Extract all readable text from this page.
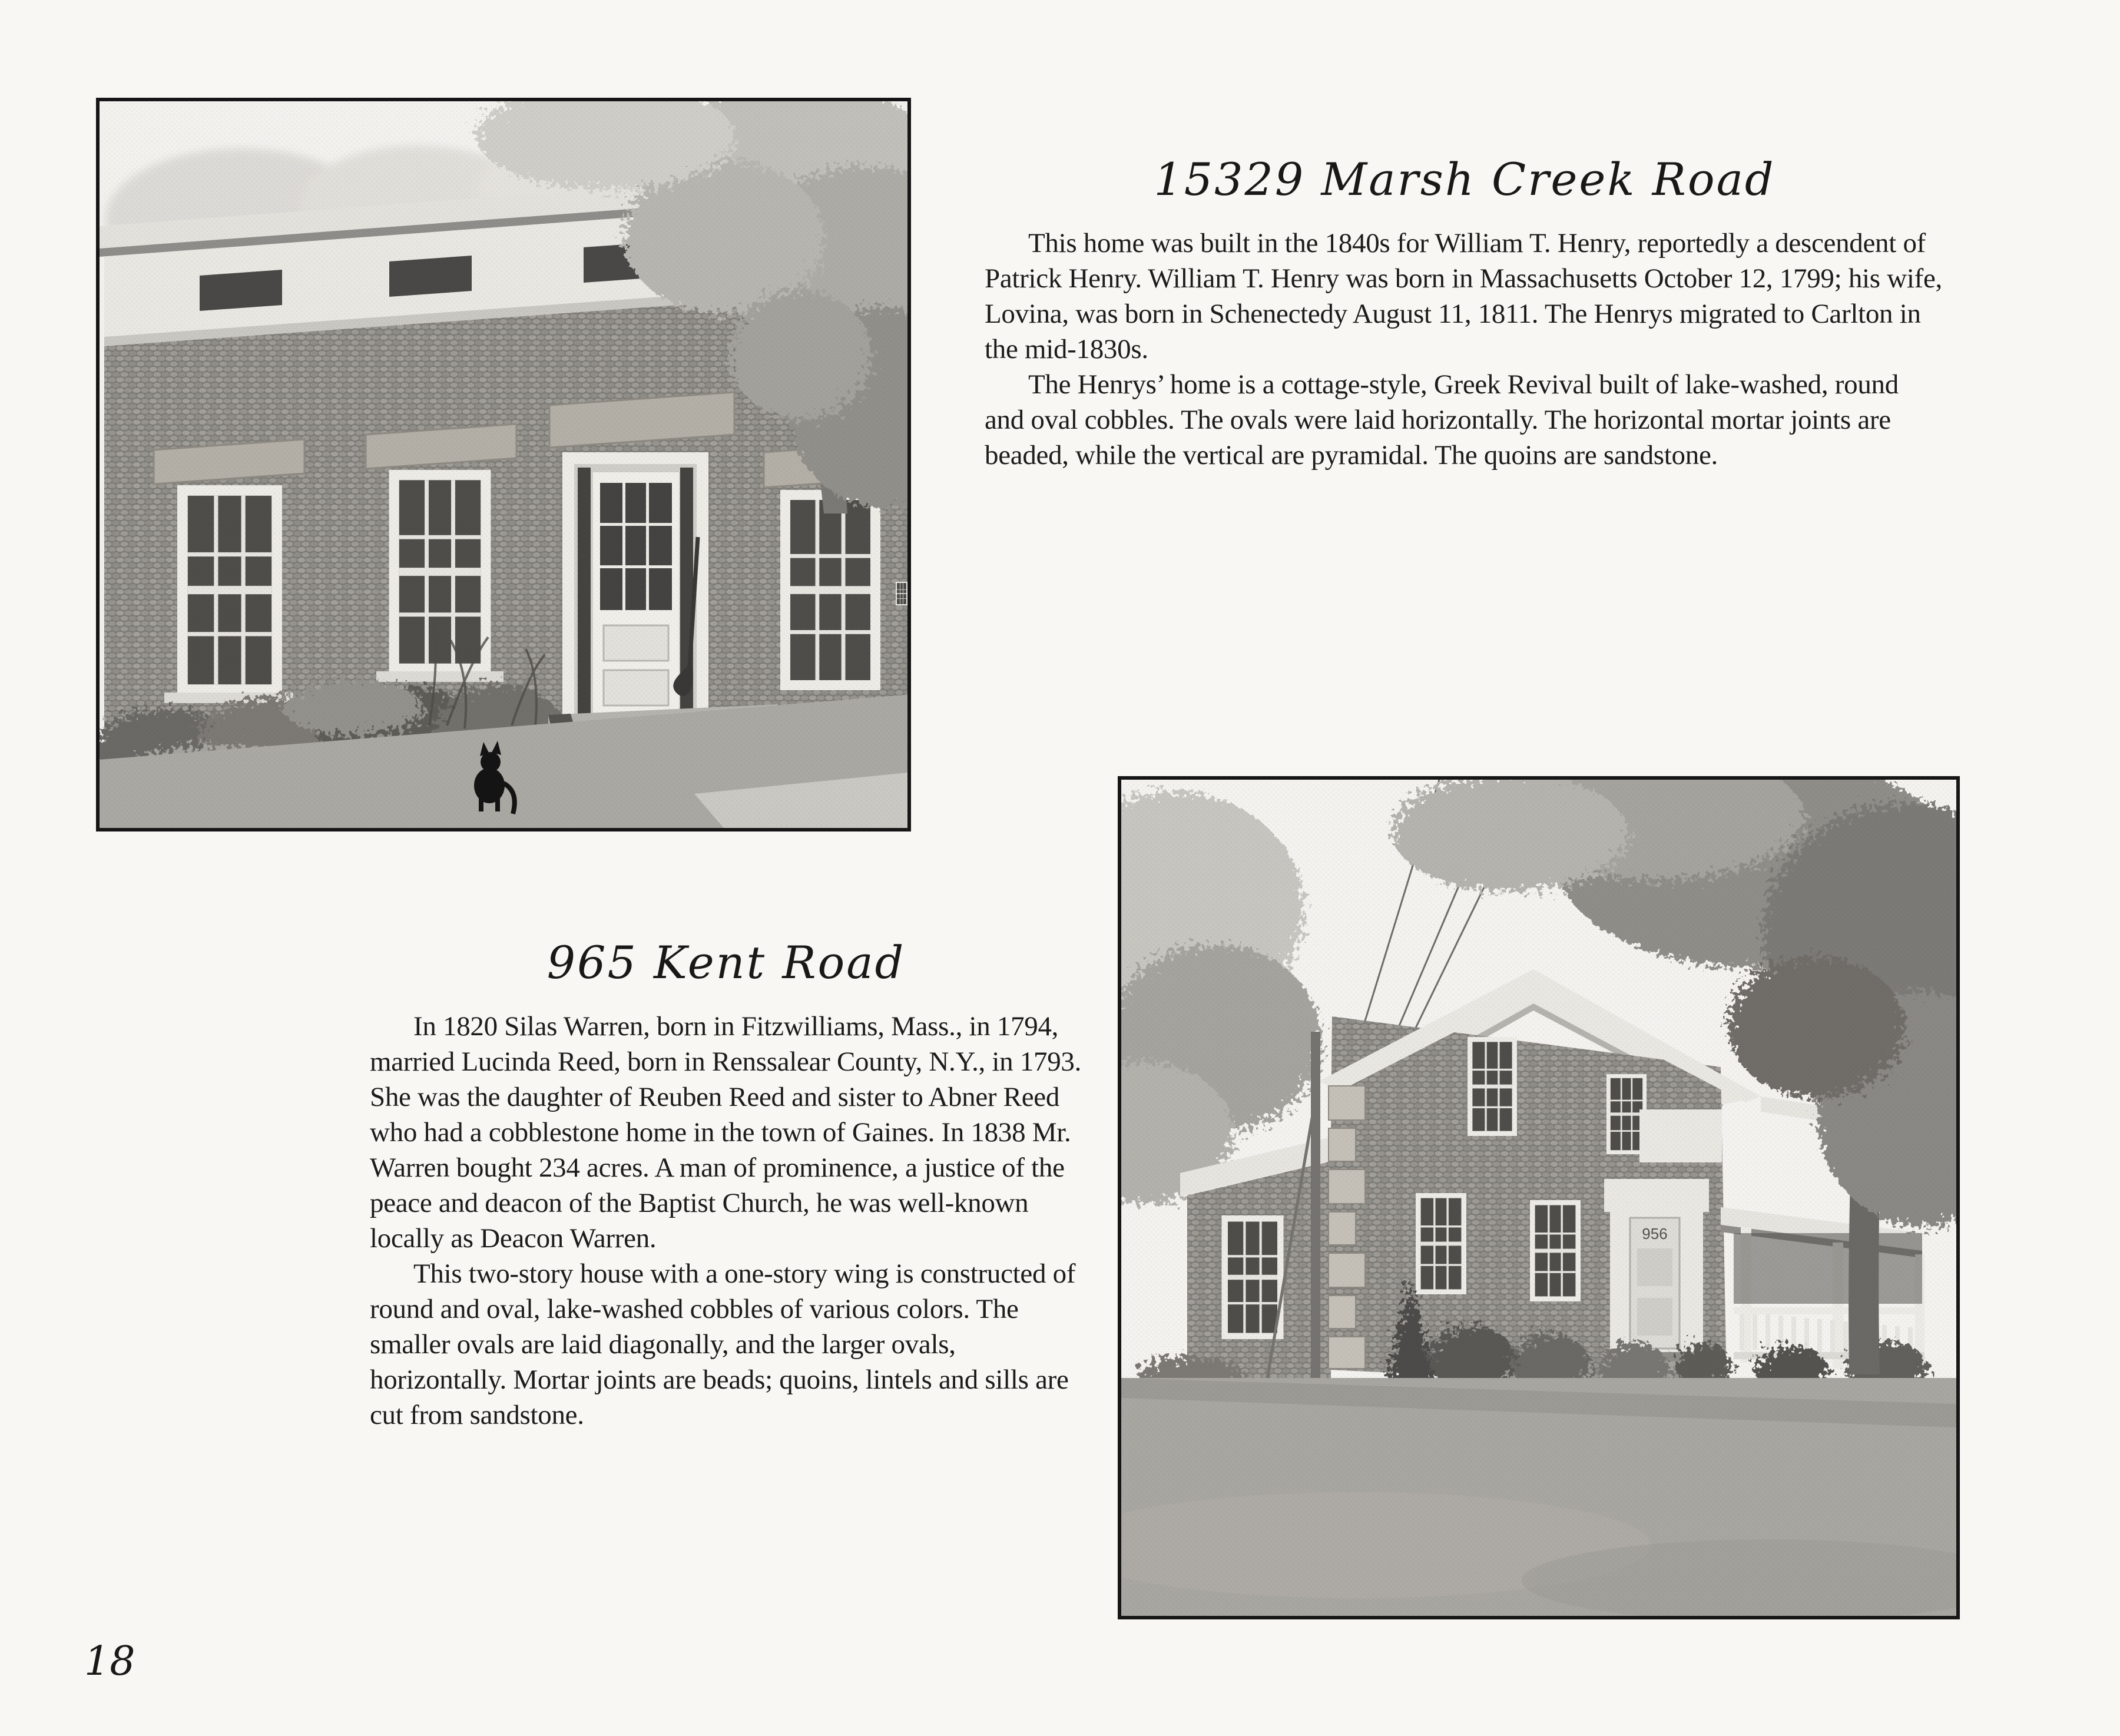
15329 Marsh Creek Road

This home was built in the 1840s for William T. Henry, reportedly a descendent of Patrick Henry. William T. Henry was born in Massachusetts October 12, 1799; his wife, Lovina, was born in Schenectedy August 11, 1811. The Henrys migrated to Carlton in the mid-1830s.

The Henrys’ home is a cottage-style, Greek Revival built of lake-washed, round and oval cobbles. The ovals were laid horizontally. The horizontal mortar joints are beaded, while the vertical are pyramidal. The quoins are sandstone.

965 Kent Road

In 1820 Silas Warren, born in Fitzwilliams, Mass., in 1794, married Lucinda Reed, born in Renssalear County, N.Y., in 1793. She was the daughter of Reuben Reed and sister to Abner Reed who had a cobblestone home in the town of Gaines. In 1838 Mr. Warren bought 234 acres. A man of prominence, a justice of the peace and deacon of the Baptist Church, he was well-known locally as Deacon Warren.

This two-story house with a one-story wing is constructed of round and oval, lake-washed cobbles of various colors. The smaller ovals are laid diagonally, and the larger ovals, horizontally. Mortar joints are beads; quoins, lintels and sills are cut from sandstone.

18
